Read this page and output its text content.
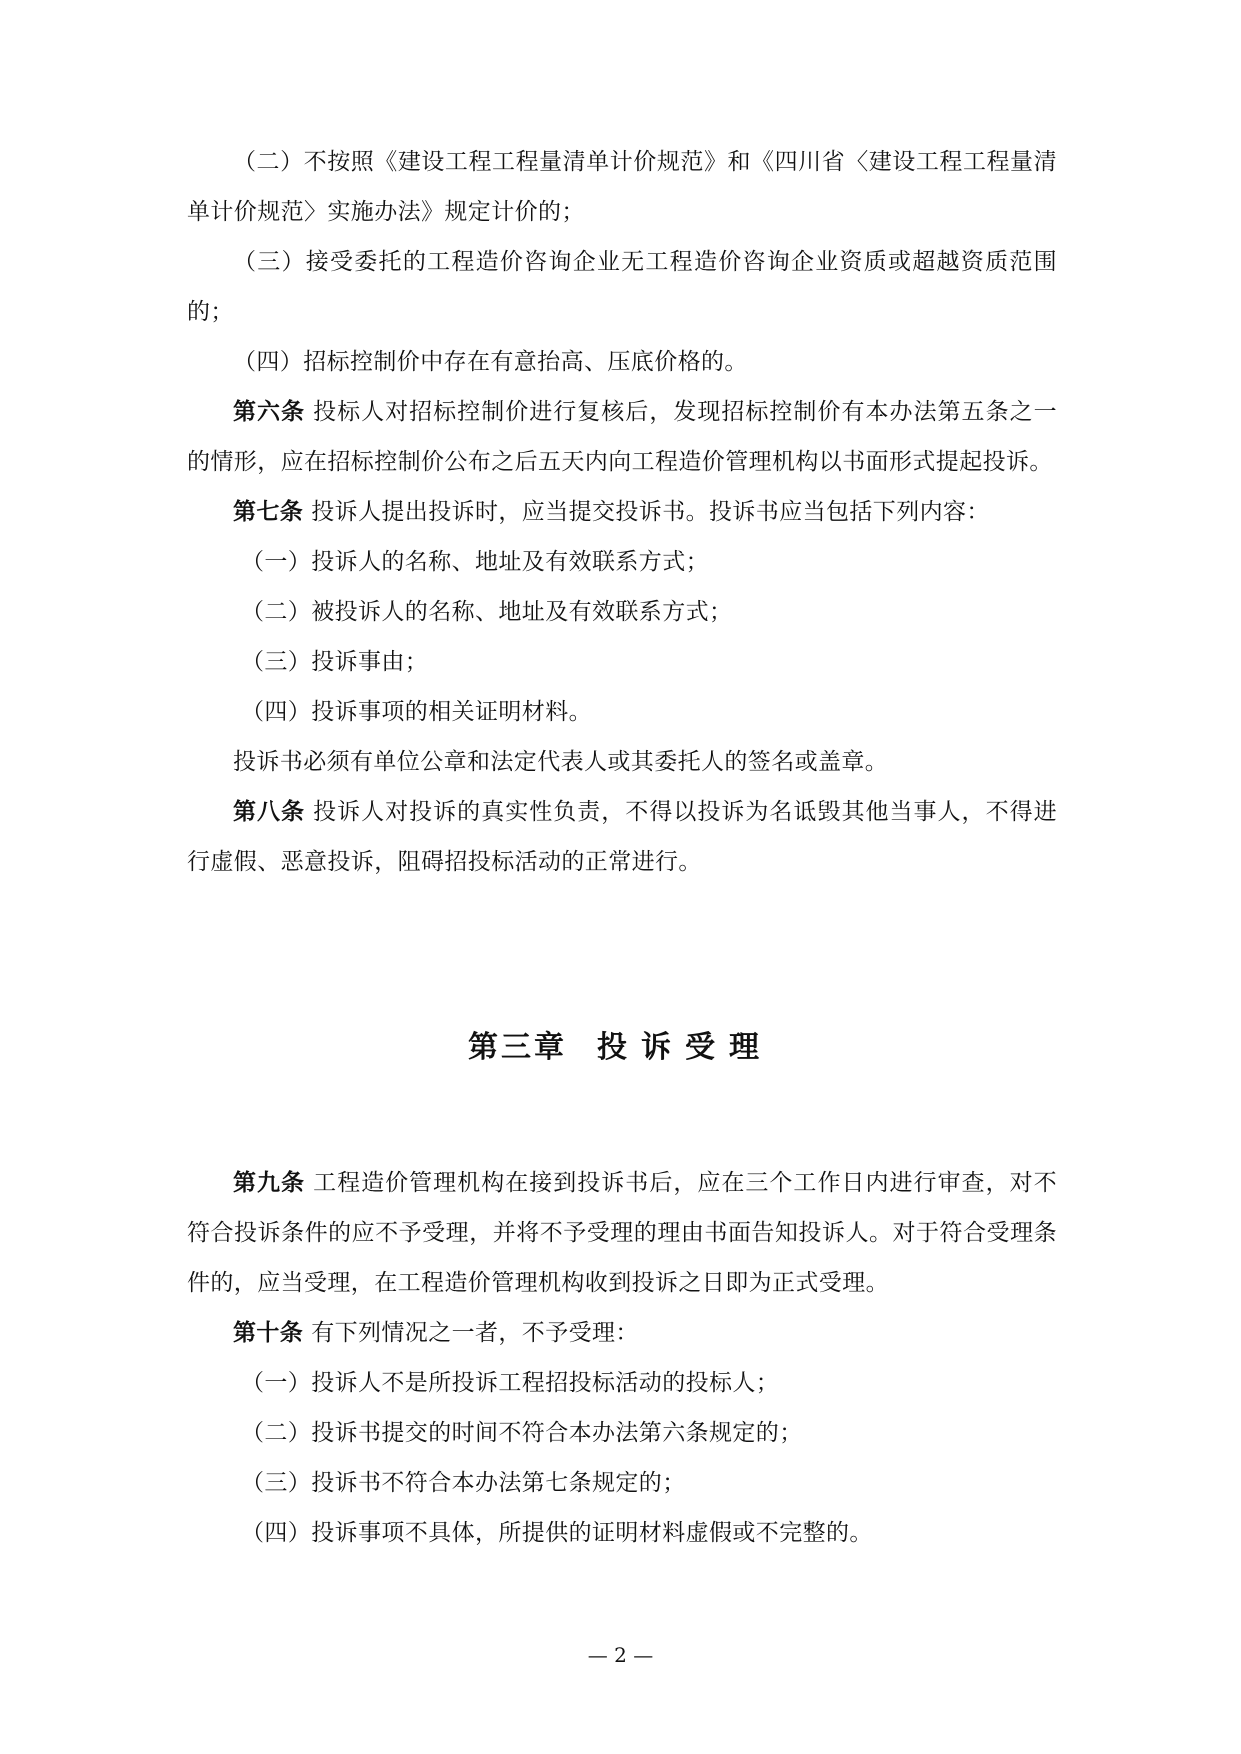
（二）不按照《建设工程工程量清单计价规范》和《四川省〈建设工程工程量清单计价规范〉实施办法》规定计价的；

（三）接受委托的工程造价咨询企业无工程造价咨询企业资质或超越资质范围的；

（四）招标控制价中存在有意抬高、压底价格的。

第六条 投标人对招标控制价进行复核后，发现招标控制价有本办法第五条之一的情形，应在招标控制价公布之后五天内向工程造价管理机构以书面形式提起投诉。

第七条 投诉人提出投诉时，应当提交投诉书。投诉书应当包括下列内容：

（一）投诉人的名称、地址及有效联系方式；

（二）被投诉人的名称、地址及有效联系方式；

（三）投诉事由；

（四）投诉事项的相关证明材料。

投诉书必须有单位公章和法定代表人或其委托人的签名或盖章。

第八条 投诉人对投诉的真实性负责，不得以投诉为名诋毁其他当事人，不得进行虚假、恶意投诉，阻碍招投标活动的正常进行。

第三章 投诉受理

第九条 工程造价管理机构在接到投诉书后，应在三个工作日内进行审查，对不符合投诉条件的应不予受理，并将不予受理的理由书面告知投诉人。对于符合受理条件的，应当受理，在工程造价管理机构收到投诉之日即为正式受理。

第十条 有下列情况之一者，不予受理：

（一）投诉人不是所投诉工程招投标活动的投标人；

（二）投诉书提交的时间不符合本办法第六条规定的；

（三）投诉书不符合本办法第七条规定的；

（四）投诉事项不具体，所提供的证明材料虚假或不完整的。

— 2 —
